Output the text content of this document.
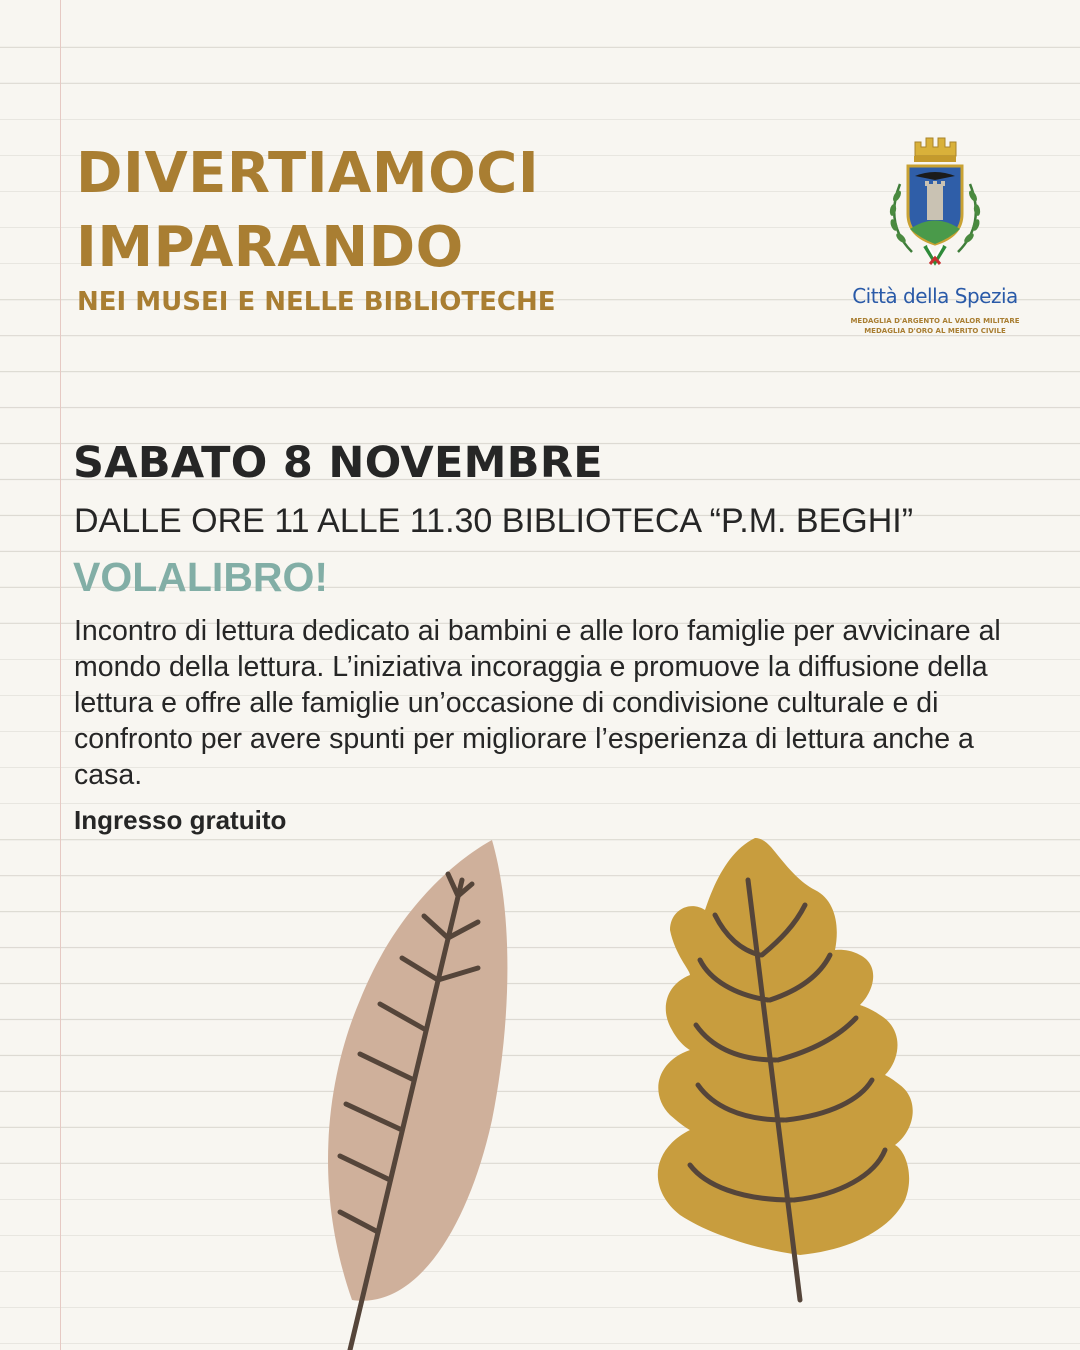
DIVERTIAMOCI
IMPARANDO
NEI MUSEI E NELLE BIBLIOTECHE	Città della Spezia

MEDAGLIA D'ARGENTO AL VALOR MILITARE

MEDAGLIA D'ORO AL MERITO CIVILE

SABATO 8 NOVEMBRE

DALLE ORE 11 ALLE 11.30 BIBLIOTECA “P.M. BEGHI”

VOLALIBRO!

Incontro di lettura dedicato ai bambini e alle loro famiglie per avvicinare al mondo della lettura. L’iniziativa incoraggia e promuove la diffusione della lettura e offre alle famiglie un’occasione di condivisione culturale e di confronto per avere spunti per migliorare l’esperienza di lettura anche a casa.

Ingresso gratuito
